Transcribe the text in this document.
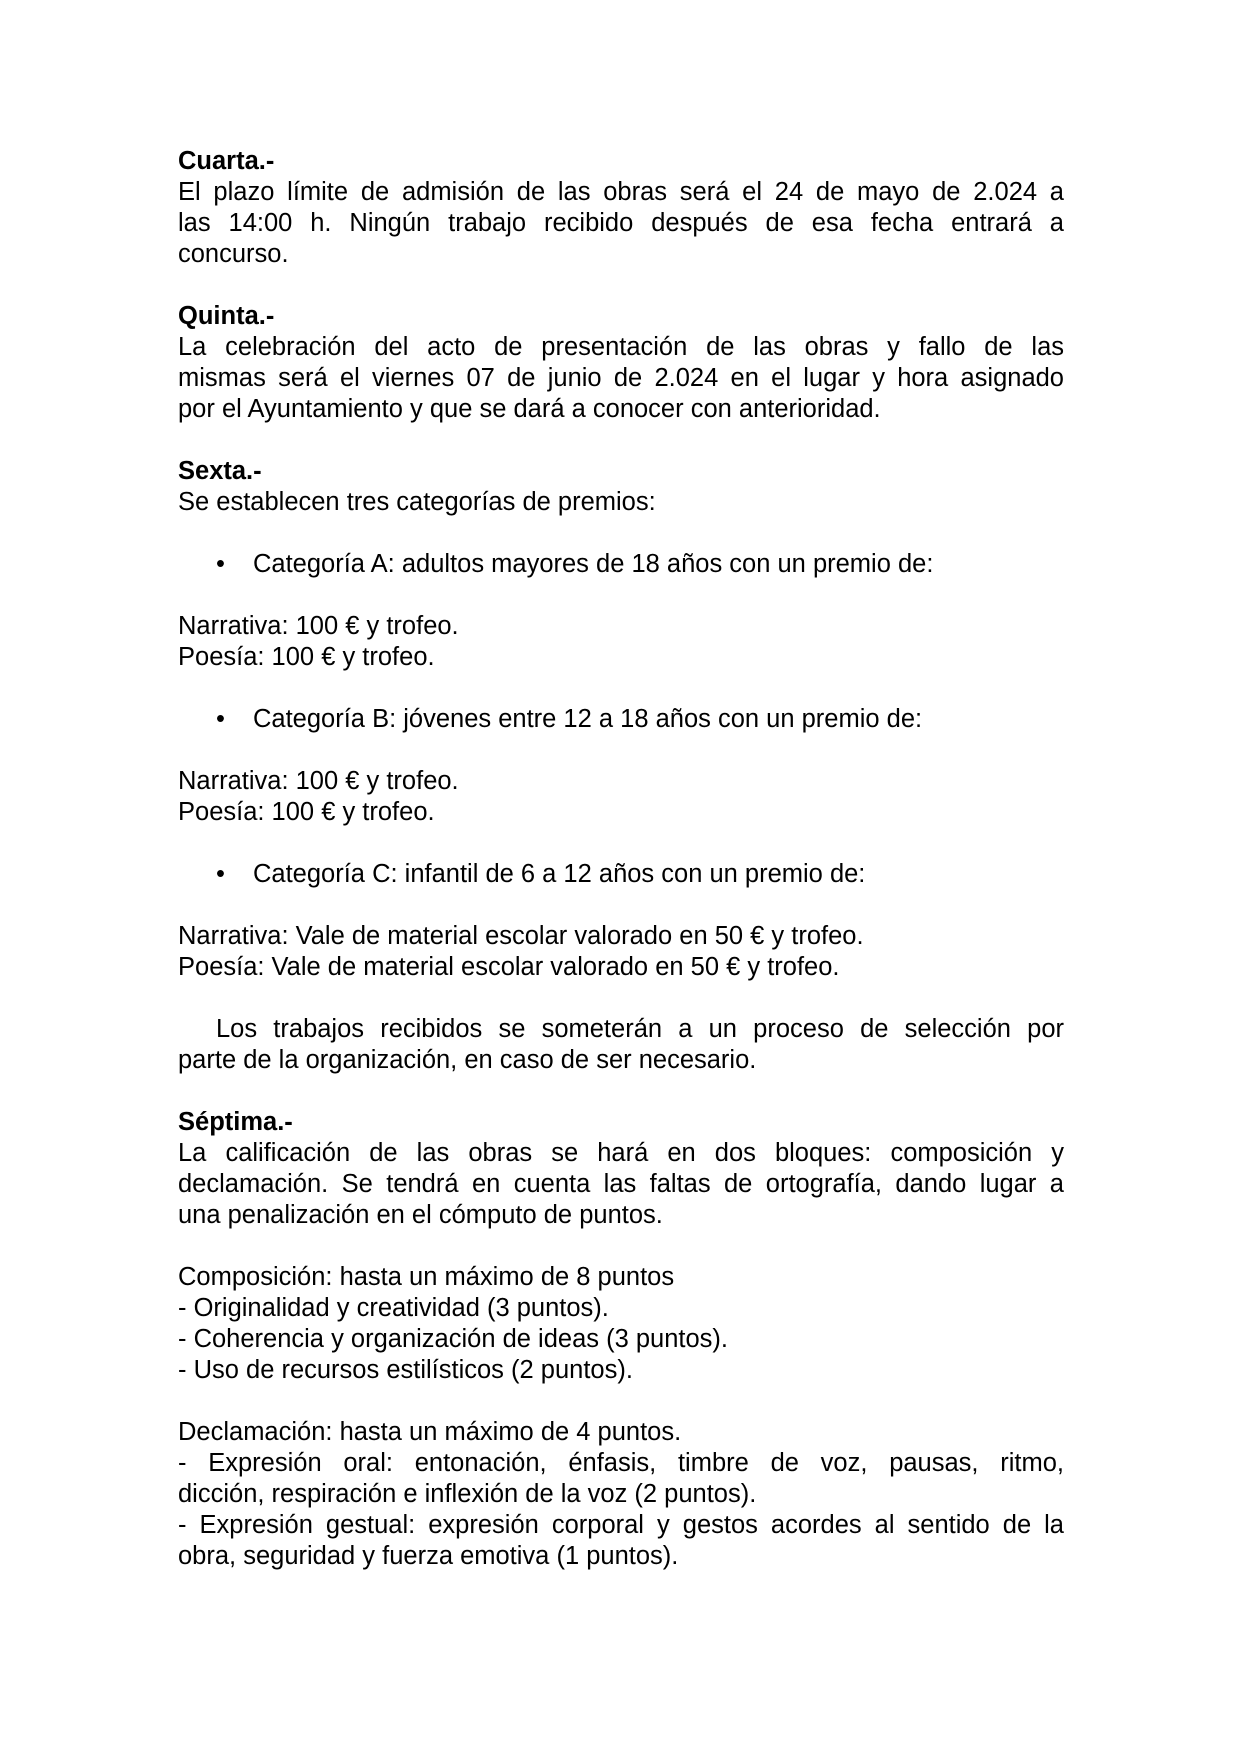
Cuarta.-

El plazo límite de admisión de las obras será el 24 de mayo de 2.024 a

las 14:00 h. Ningún trabajo recibido después de esa fecha entrará a

concurso.

Quinta.-

La celebración del acto de presentación de las obras y fallo de las

mismas será el viernes 07 de junio de 2.024 en el lugar y hora asignado

por el Ayuntamiento y que se dará a conocer con anterioridad.

Sexta.-

Se establecen tres categorías de premios:

• Categoría A: adultos mayores de 18 años con un premio de:

Narrativa: 100 € y trofeo.

Poesía: 100 € y trofeo.

• Categoría B: jóvenes entre 12 a 18 años con un premio de:

Narrativa: 100 € y trofeo.

Poesía: 100 € y trofeo.

• Categoría C: infantil de 6 a 12 años con un premio de:

Narrativa: Vale de material escolar valorado en 50 € y trofeo.

Poesía: Vale de material escolar valorado en 50 € y trofeo.

Los trabajos recibidos se someterán a un proceso de selección por

parte de la organización, en caso de ser necesario.

Séptima.-

La calificación de las obras se hará en dos bloques: composición y

declamación. Se tendrá en cuenta las faltas de ortografía, dando lugar a

una penalización en el cómputo de puntos.

Composición: hasta un máximo de 8 puntos

- Originalidad y creatividad (3 puntos).

- Coherencia y organización de ideas (3 puntos).

- Uso de recursos estilísticos (2 puntos).

Declamación: hasta un máximo de 4 puntos.

- Expresión oral: entonación, énfasis, timbre de voz, pausas, ritmo,

dicción, respiración e inflexión de la voz (2 puntos).

- Expresión gestual: expresión corporal y gestos acordes al sentido de la

obra, seguridad y fuerza emotiva (1 puntos).
